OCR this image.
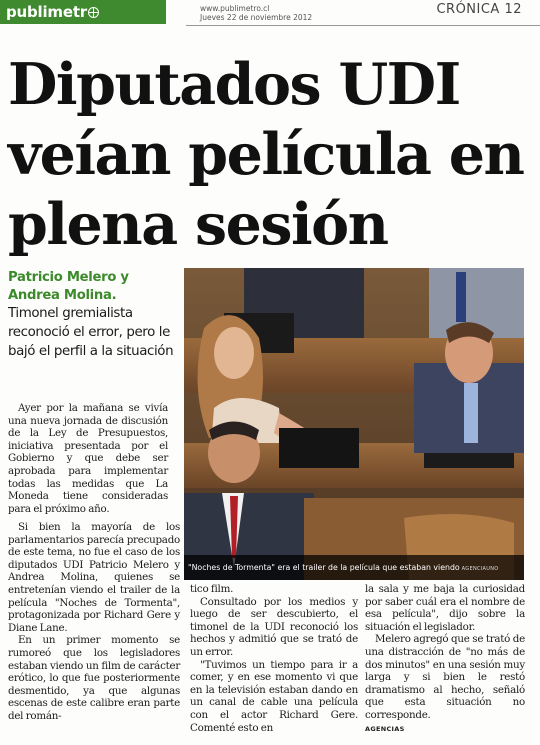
publimetr	www.publimetro.cl
Jueves 22 de noviembre 2012
CRÓNICA 12
Diputados UDI
veían película en
plena sesión
Patricio Melero y
Andrea Molina.
Timonel gremialista reconoció el error, pero le bajó el perfil a la situación
"Noches de Tormenta" era el trailer de la película que estaban viendo AGENCIAUNO

Ayer por la mañana se vivía una nueva jornada de discusión de la Ley de Presupuestos, iniciativa presentada por el Gobierno y que debe ser aprobada para implementar todas las medidas que La Moneda tiene consideradas para el próximo año.

Si bien la mayoría de los parlamentarios parecía precupado de este tema, no fue el caso de los diputados UDI Patricio Melero y Andrea Molina, quienes se entretenían viendo el trailer de la película "Noches de Tormenta", protagonizada por Richard Gere y Diane Lane.

En un primer momento se rumoreó que los legisladores estaban viendo un film de carácter erótico, lo que fue posteriormente desmentido, ya que algunas escenas de este calibre eran parte del román-

tico film.

Consultado por los medios y luego de ser descubierto, el timonel de la UDI reconoció los hechos y admitió que se trató de un error.

"Tuvimos un tiempo para ir a comer, y en ese momento vi que en la televisión estaban dando en un canal de cable una película con el actor Richard Gere. Comenté esto en

la sala y me baja la curiosidad por saber cuál era el nombre de esa película", dijo sobre la situación el legislador.

Melero agregó que se trató de una distracción de "no más de dos minutos" en una sesión muy larga y si bien le restó dramatismo al hecho, señaló que esta situación no corresponde.

AGENCIAS
